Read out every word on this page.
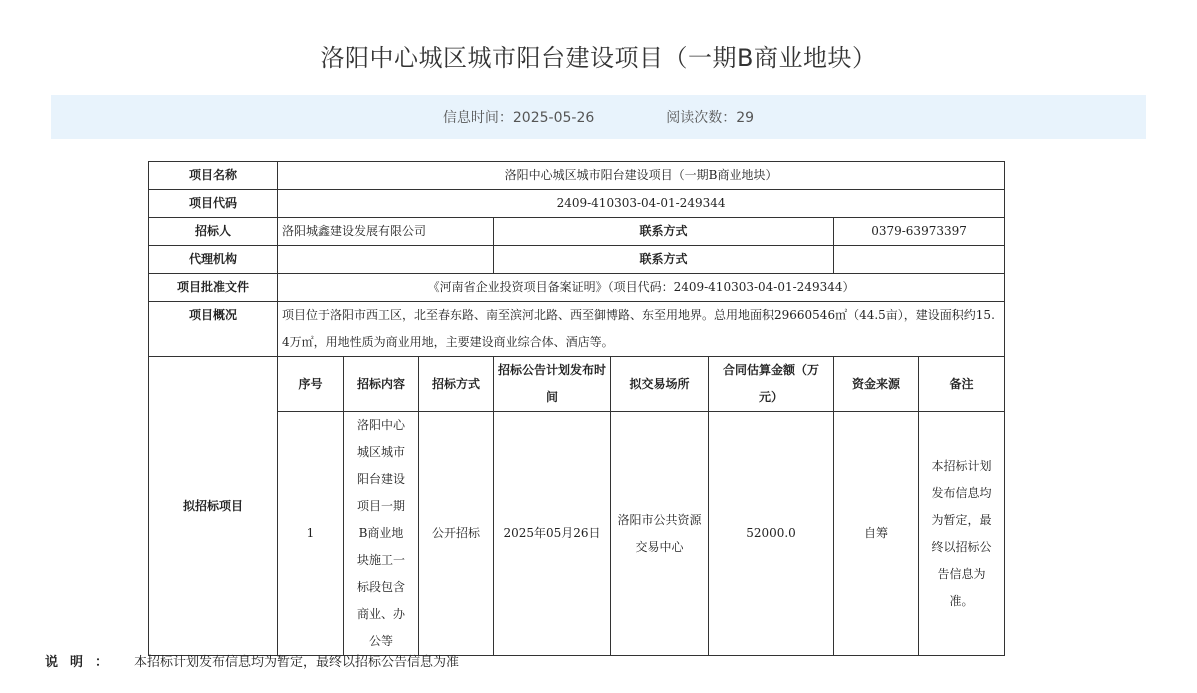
洛阳中心城区城市阳台建设项目（一期B商业地块）
信息时间：2025-05-26	阅读次数：29
项目名称	洛阳中心城区城市阳台建设项目（一期B商业地块）							
项目代码	2409-410303-04-01-249344							
招标人	洛阳城鑫建设发展有限公司			联系方式			0379-63973397	
代理机构				联系方式				
项目批准文件	《河南省企业投资项目备案证明》（项目代码：2409-410303-04-01-249344）							
项目概况	项目位于洛阳市西工区，北至春东路、南至滨河北路、西至御博路、东至用地界。总用地面积29660546㎡（44.5亩），建设面积约15.4万㎡，用地性质为商业用地，主要建设商业综合体、酒店等。							
拟招标项目	序号	招标内容	招标方式	招标公告计划发布时间	拟交易场所	合同估算金额（万元）	资金来源	备注
	1	洛阳中心城区城市阳台建设项目一期B商业地块施工一标段包含商业、办公等	公开招标	2025年05月26日	洛阳市公共资源交易中心	52000.0	自筹	本招标计划发布信息均为暂定，最终以招标公告信息为准。
说明： 本招标计划发布信息均为暂定，最终以招标公告信息为准
